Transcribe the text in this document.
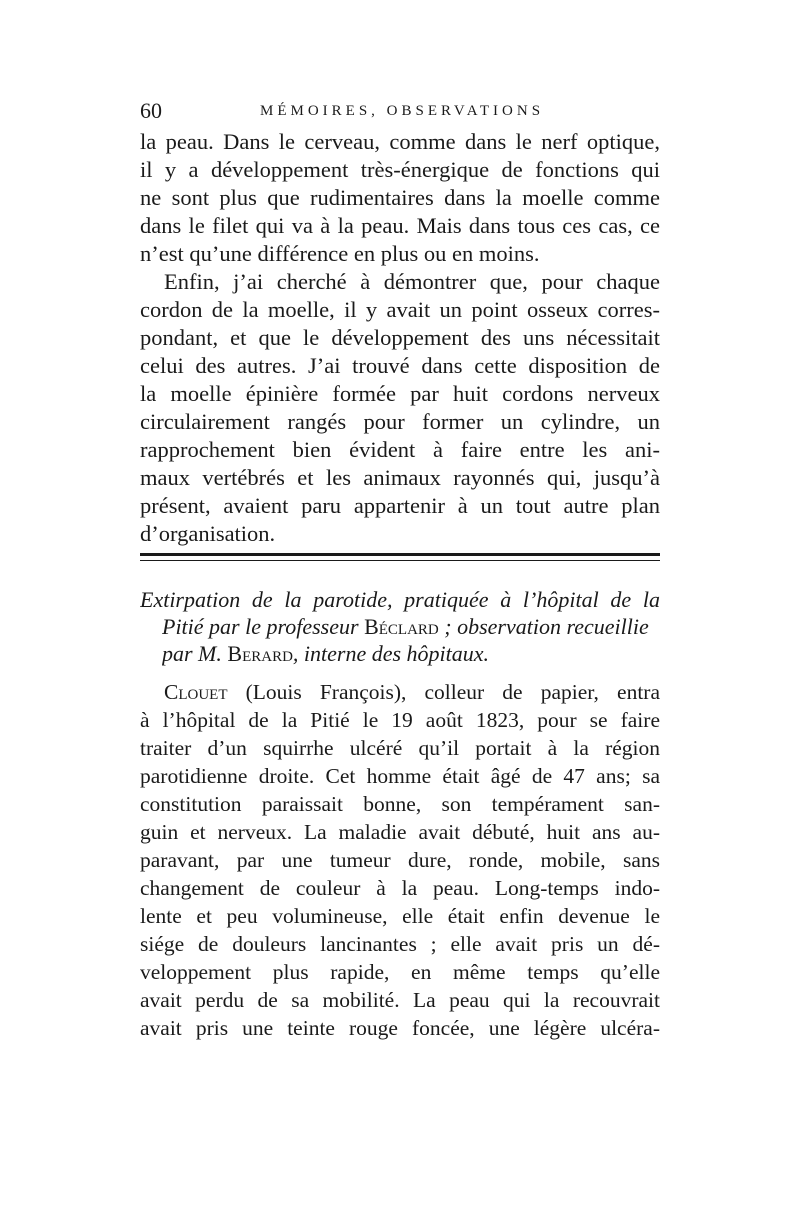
60	MÉMOIRES, OBSERVATIONS
la peau. Dans le cerveau, comme dans le nerf optique,
il y a développement très-énergique de fonctions qui
ne sont plus que rudimentaires dans la moelle comme
dans le filet qui va à la peau. Mais dans tous ces cas, ce
n’est qu’une différence en plus ou en moins.
Enfin, j’ai cherché à démontrer que, pour chaque
cordon de la moelle, il y avait un point osseux corres-
pondant, et que le développement des uns nécessitait
celui des autres. J’ai trouvé dans cette disposition de
la moelle épinière formée par huit cordons nerveux
circulairement rangés pour former un cylindre, un
rapprochement bien évident à faire entre les ani-
maux vertébrés et les animaux rayonnés qui, jusqu’à
présent, avaient paru appartenir à un tout autre plan
d’organisation.
Extirpation de la parotide, pratiquée à l’hôpital de la
Pitié par le professeur Béclard ; observation recueillie
par M. Berard, interne des hôpitaux.
Clouet (Louis François), colleur de papier, entra
à l’hôpital de la Pitié le 19 août 1823, pour se faire
traiter d’un squirrhe ulcéré qu’il portait à la région
parotidienne droite. Cet homme était âgé de 47 ans; sa
constitution paraissait bonne, son tempérament san-
guin et nerveux. La maladie avait débuté, huit ans au-
paravant, par une tumeur dure, ronde, mobile, sans
changement de couleur à la peau. Long-temps indo-
lente et peu volumineuse, elle était enfin devenue le
siége de douleurs lancinantes ; elle avait pris un dé-
veloppement plus rapide, en même temps qu’elle
avait perdu de sa mobilité. La peau qui la recouvrait
avait pris une teinte rouge foncée, une légère ulcéra-
